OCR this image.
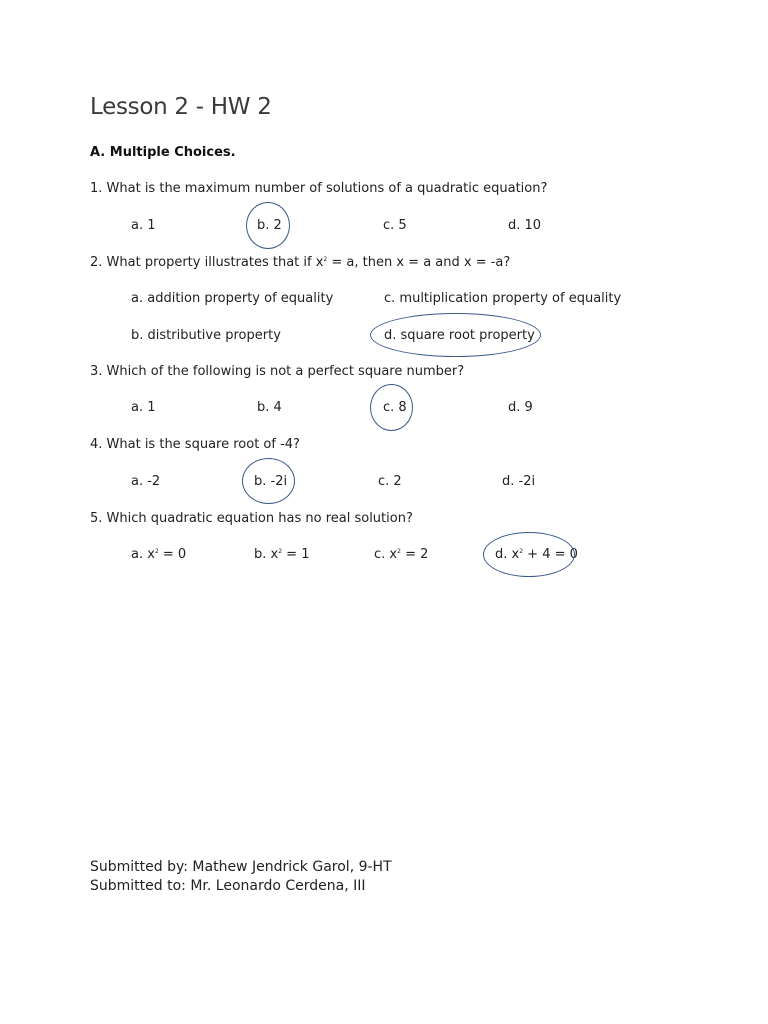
Lesson 2 - HW 2
A. Multiple Choices.
1. What is the maximum number of solutions of a quadratic equation?
a. 1	b. 2	c. 5	d. 10
2. What property illustrates that if $x^2 = a$, then x = a and x = -a?
a. addition property of equality	c. multiplication property of equality
b. distributive property	d. square root property
3. Which of the following is not a perfect square number?
a. 1	b. 4	c. 8	d. 9
4. What is the square root of -4?
a. -2	b. -2i	c. 2	d. -2i
5. Which quadratic equation has no real solution?
a. $x^2 = 0$	b. $x^2 = 1$	c. $x^2 = 2$	d. $x^2 + 4 = 0$
Submitted by: Mathew Jendrick Garol, 9-HT
Submitted to: Mr. Leonardo Cerdena, III
